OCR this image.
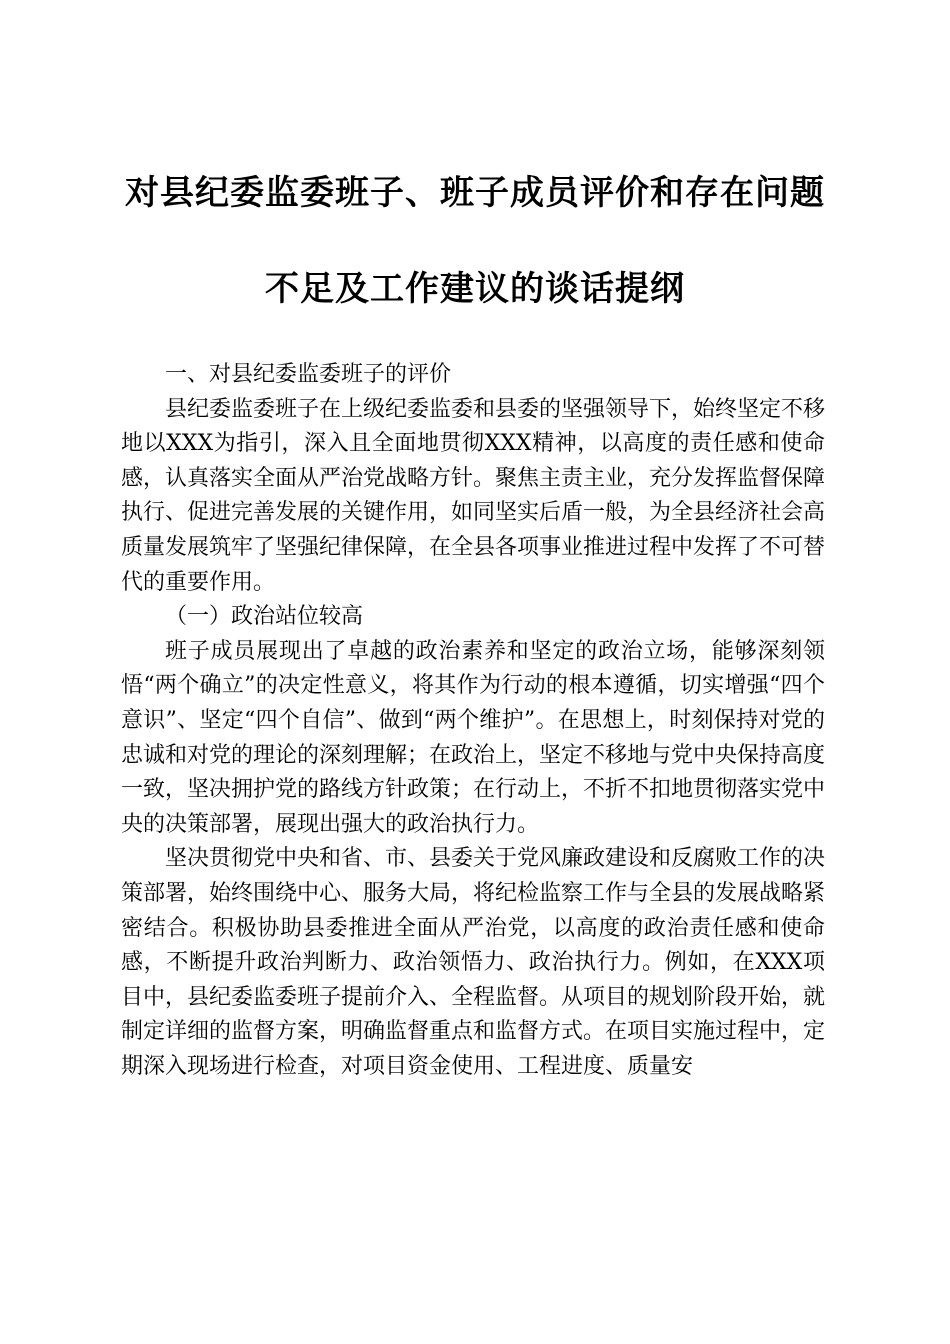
对县纪委监委班子、班子成员评价和存在问题
不足及工作建议的谈话提纲
一、对县纪委监委班子的评价

县纪委监委班子在上级纪委监委和县委的坚强领导下，始终坚定不移地以XXX为指引，深入且全面地贯彻XXX精神，以高度的责任感和使命感，认真落实全面从严治党战略方针。聚焦主责主业，充分发挥监督保障执行、促进完善发展的关键作用，如同坚实后盾一般，为全县经济社会高质量发展筑牢了坚强纪律保障，在全县各项事业推进过程中发挥了不可替代的重要作用。

（一）政治站位较高

班子成员展现出了卓越的政治素养和坚定的政治立场，能够深刻领悟“两个确立”的决定性意义，将其作为行动的根本遵循，切实增强“四个意识”、坚定“四个自信”、做到“两个维护”。在思想上，时刻保持对党的忠诚和对党的理论的深刻理解；在政治上，坚定不移地与党中央保持高度一致，坚决拥护党的路线方针政策；在行动上，不折不扣地贯彻落实党中央的决策部署，展现出强大的政治执行力。

坚决贯彻党中央和省、市、县委关于党风廉政建设和反腐败工作的决策部署，始终围绕中心、服务大局，将纪检监察工作与全县的发展战略紧密结合。积极协助县委推进全面从严治党，以高度的政治责任感和使命感，不断提升政治判断力、政治领悟力、政治执行力。例如，在XXX项目中，县纪委监委班子提前介入、全程监督。从项目的规划阶段开始，就制定详细的监督方案，明确监督重点和监督方式。在项目实施过程中，定期深入现场进行检查，对项目资金使用、工程进度、质量安
